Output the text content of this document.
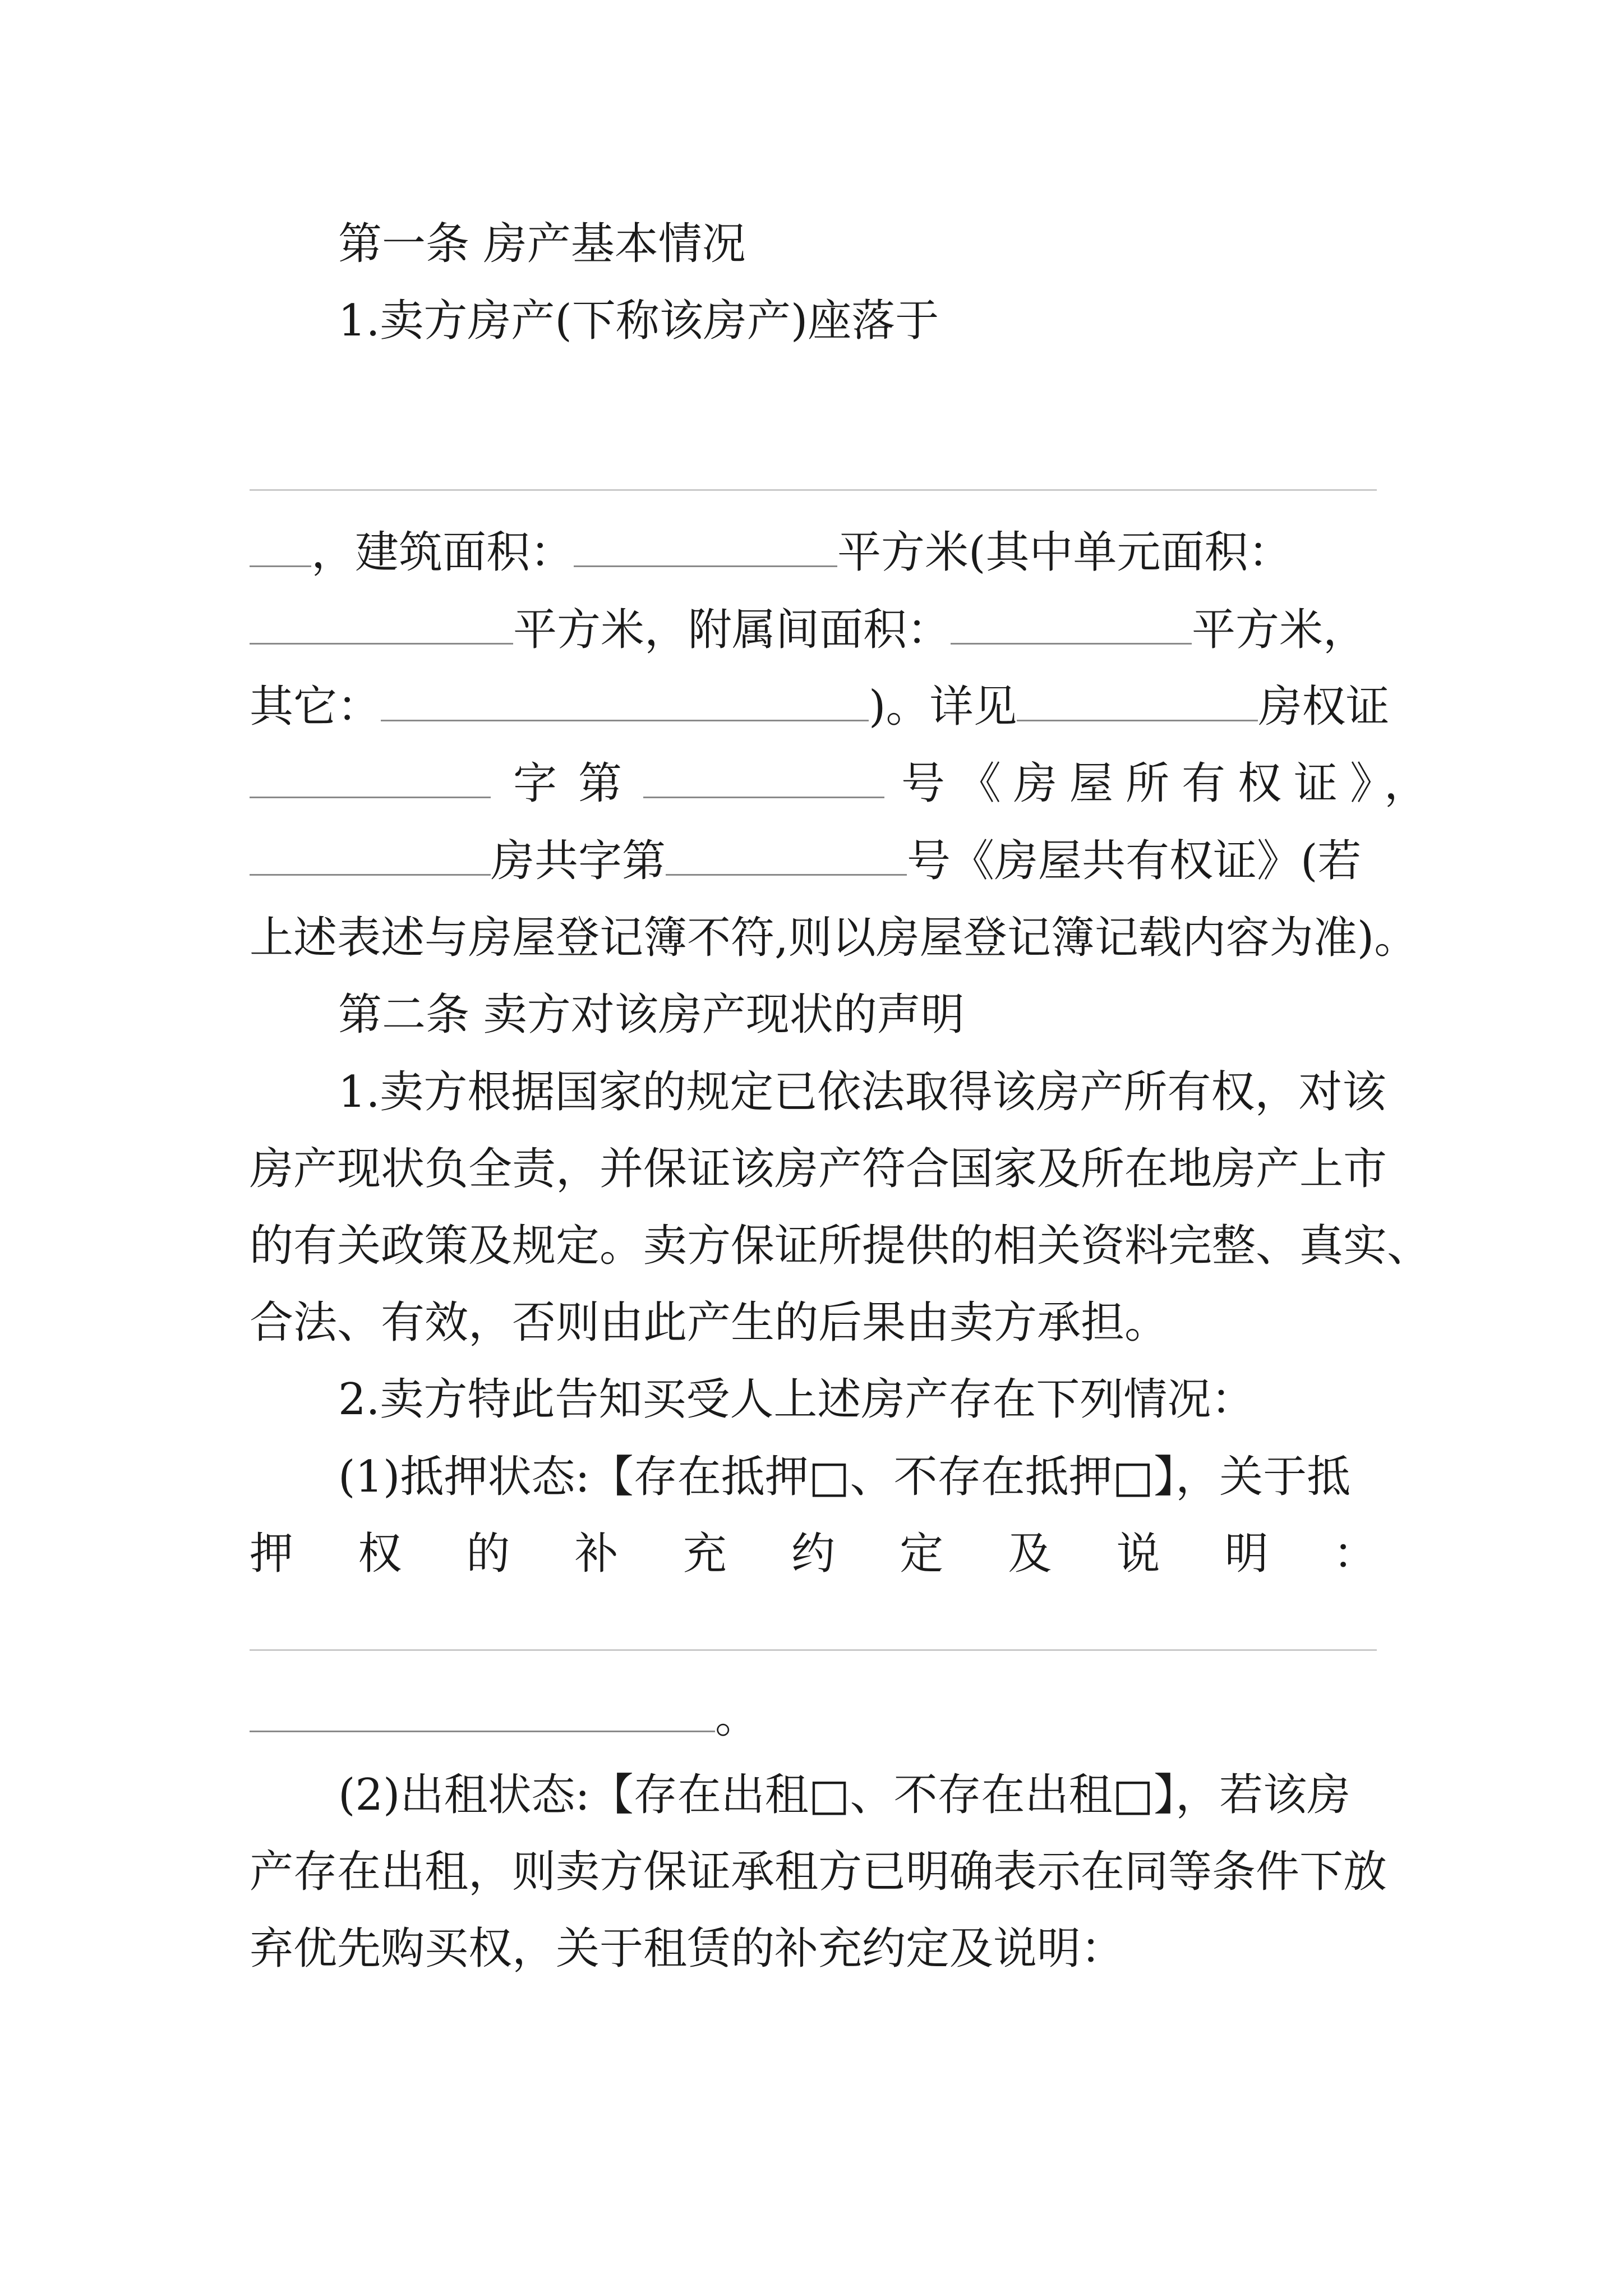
第一条 房产基本情况

1.卖方房产(下称该房产)座落于

，建筑面积：	平方米(其中单元面积：

平方米，附属间面积：	平方米，

其它：	)。详见	房权证

字第	号《房屋所有权证》，

房共字第	号《房屋共有权证》(若

上述表述与房屋登记簿不符,则以房屋登记簿记载内容为准)。

第二条 卖方对该房产现状的声明

1.卖方根据国家的规定已依法取得该房产所有权，对该

房产现状负全责，并保证该房产符合国家及所在地房产上市

的有关政策及规定。卖方保证所提供的相关资料完整、真实、

合法、有效，否则由此产生的后果由卖方承担。

2.卖方特此告知买受人上述房产存在下列情况：

(1)抵押状态:【存在抵押□、不存在抵押□】，关于抵

押权的补充约定及说明：

。

(2)出租状态:【存在出租□、不存在出租□】，若该房

产存在出租，则卖方保证承租方已明确表示在同等条件下放

弃优先购买权，关于租赁的补充约定及说明：
